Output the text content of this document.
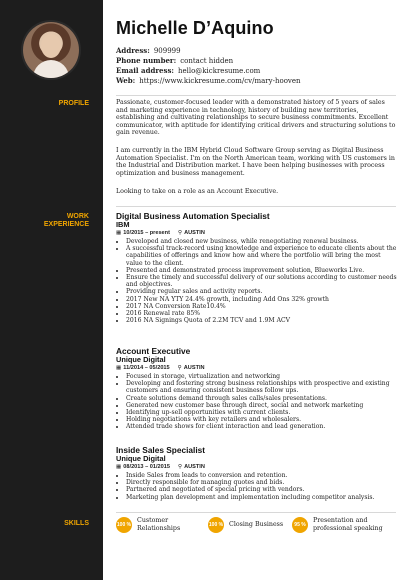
Michelle D’Aquino
Address: 909999
Phone number: contact hidden
Email address: hello@kickresume.com
Web: https://www.kickresume.com/cv/mary-hooven
PROFILE	Passionate, customer-focused leader with a demonstrated history of 5 years of sales and marketing experience in technology, history of building new territories, establishing and cultivating relationships to secure business commitments. Excellent communicator, with aptitude for identifying critical drivers and structuring solutions to gain revenue.

I am currently in the IBM Hybrid Cloud Software Group serving as Digital Business Automation Specialist. I'm on the North American team, working with US customers in the Industrial and Distribution market. I have been helping businesses with process optimization and business management.

Looking to take on a role as an Account Executive.

WORK
EXPERIENCE

Digital Business Automation Specialist

IBM

▦ 10/2015 – present ⚲ AUSTIN

• Developed and closed new business, while renegotiating renewal business.
• A successful track-record using knowledge and experience to educate clients about the capabilities of offerings and know how and where the portfolio will bring the most value to the client.
• Presented and demonstrated process improvement solution, Blueworks Live.
• Ensure the timely and successful delivery of our solutions according to customer needs and objectives.
• Providing regular sales and activity reports.
• 2017 New NA YTY 24.4% growth, including Add Ons 32% growth
• 2017 NA Conversion Rate10.4%
• 2016 Renewal rate 85%
• 2016 NA Signings Quota of 2.2M TCV and 1.9M ACV

Account Executive

Unique Digital

▦ 11/2014 – 05/2015 ⚲ AUSTIN

• Focused in storage, virtualization and networking
• Developing and fostering strong business relationships with prospective and existing customers and ensuring consistent business follow ups.
• Create solutions demand through sales calls/sales presentations.
• Generated new customer base through direct, social and network marketing
• Identifying up-sell opportunities with current clients.
• Holding negotiations with key retailers and wholesalers.
• Attended trade shows for client interaction and lead generation.

Inside Sales Specialist

Unique Digital

▦ 08/2013 – 01/2015 ⚲ AUSTIN

• Inside Sales from leads to conversion and retention.
• Directly responsible for managing quotes and bids.
• Partnered and negotiated of special pricing with vendors.
• Marketing plan development and implementation including competitor analysis.
SKILLS	100 %
Customer Relationships	100 % Closing Business	95 %
Presentation and professional speaking
